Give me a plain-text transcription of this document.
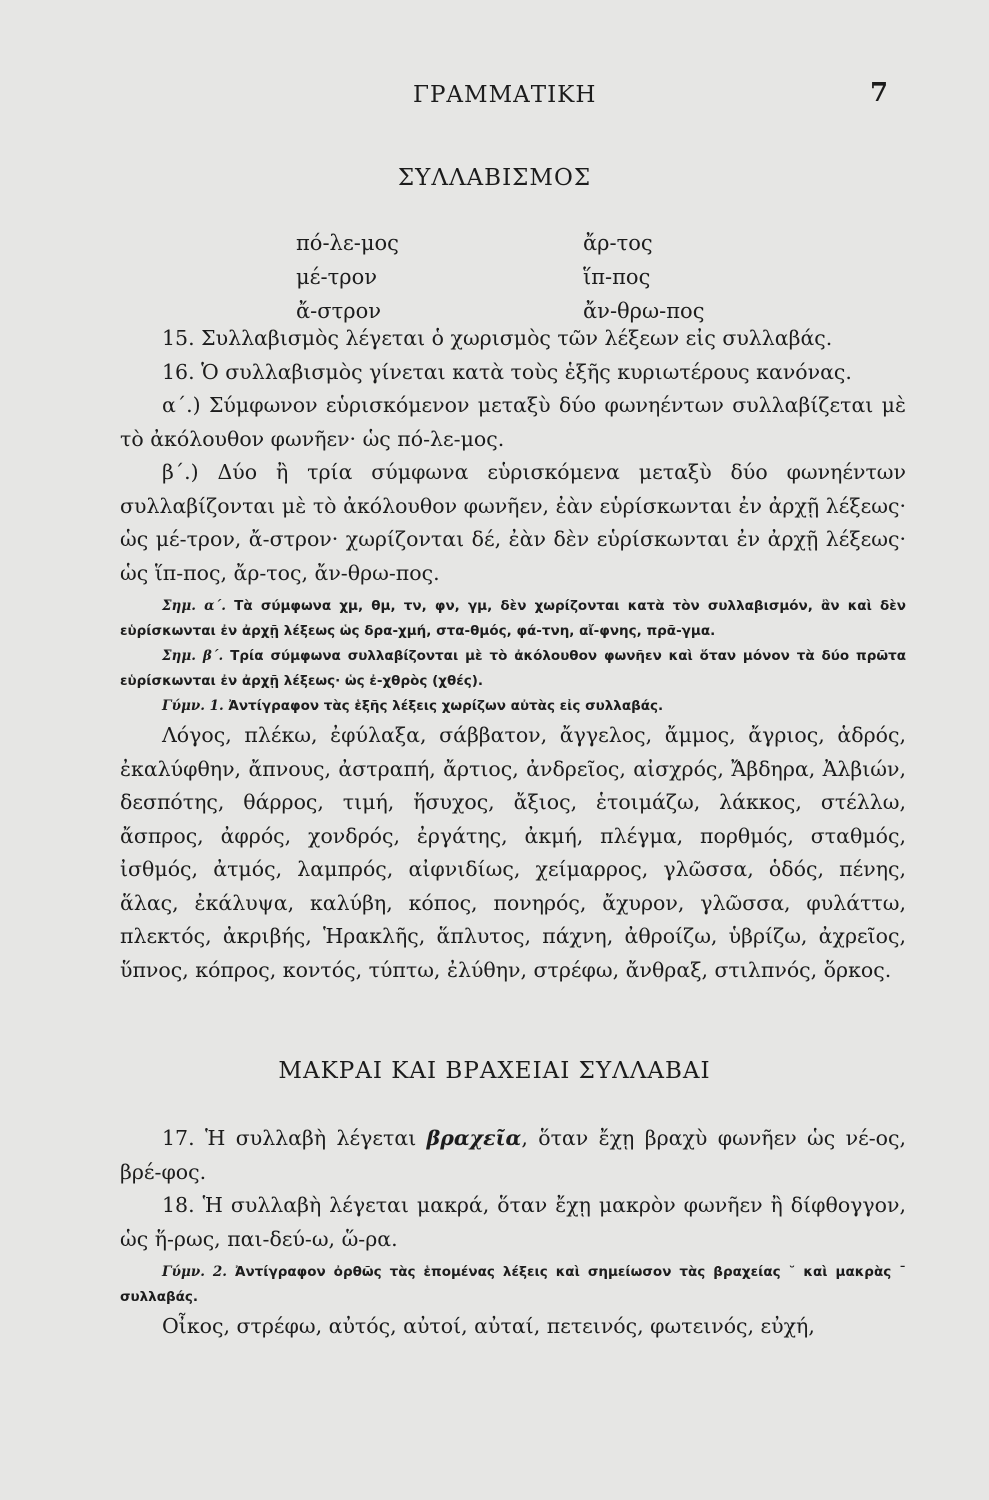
ΓΡΑΜΜΑΤΙΚΗ	7
ΣΥΛΛΑΒΙΣΜΟΣ
πό-λε-μος	ἄρ-τος
μέ-τρον	ἵπ-πος
ἄ-στρον	ἄν-θρω-πος

15. Συλλαβισμὸς λέγεται ὁ χωρισμὸς τῶν λέξεων εἰς συλλαβάς.

16. Ὁ συλλαβισμὸς γίνεται κατὰ τοὺς ἑξῆς κυριωτέρους κανόνας.

α΄.) Σύμφωνον εὑρισκόμενον μεταξὺ δύο φωνηέντων συλλαβίζεται μὲ τὸ ἀκόλουθον φωνῆεν· ὡς πό-λε-μος.

β΄.) Δύο ἢ τρία σύμφωνα εὑρισκόμενα μεταξὺ δύο φωνηέντων συλλαβίζονται μὲ τὸ ἀκόλουθον φωνῆεν, ἐὰν εὑρίσκωνται ἐν ἀρχῇ λέξεως· ὡς μέ-τρον, ἄ-στρον· χωρίζονται δέ, ἐὰν δὲν εὑρίσκωνται ἐν ἀρχῇ λέξεως· ὡς ἵπ-πος, ἄρ-τος, ἄν-θρω-πος.

Σημ. α΄. Τὰ σύμφωνα χμ, θμ, τν, φν, γμ, δὲν χωρίζονται κατὰ τὸν συλλαβισμόν, ἂν καὶ δὲν εὑρίσκωνται ἐν ἀρχῇ λέξεως ὡς δρα-χμή, στα-θμός, φά-τνη, αἴ-φνης, πρᾶ-γμα.

Σημ. β΄. Τρία σύμφωνα συλλαβίζονται μὲ τὸ ἀκόλουθον φωνῆεν καὶ ὅταν μόνον τὰ δύο πρῶτα εὑρίσκωνται ἐν ἀρχῇ λέξεως· ὡς ἐ-χθρὸς (χθές).

Γύμν. 1. Ἀντίγραφον τὰς ἑξῆς λέξεις χωρίζων αὐτὰς εἰς συλλαβάς.

Λόγος, πλέκω, ἐφύλαξα, σάββατον, ἄγγελος, ἄμμος, ἄγριος, ἁδρός, ἐκαλύφθην, ἄπνους, ἀστραπή, ἄρτιος, ἀνδρεῖος, αἰσχρός, Ἄβδηρα, Ἀλβιών, δεσπότης, θάρρος, τιμή, ἥσυχος, ἄξιος, ἑτοιμάζω, λάκκος, στέλλω, ἄσπρος, ἀφρός, χονδρός, ἐργάτης, ἀκμή, πλέγμα, πορθμός, σταθμός, ἰσθμός, ἀτμός, λαμπρός, αἰφνιδίως, χείμαρρος, γλῶσσα, ὁδός, πένης, ἅλας, ἐκάλυψα, καλύβη, κόπος, πονηρός, ἄχυρον, γλῶσσα, φυλάττω, πλεκτός, ἀκριβής, Ἡρακλῆς, ἅπλυτος, πάχνη, ἀθροίζω, ὑβρίζω, ἀχρεῖος, ὕπνος, κόπρος, κοντός, τύπτω, ἐλύθην, στρέφω, ἄνθραξ, στιλπνός, ὅρκος.

ΜΑΚΡΑΙ ΚΑΙ ΒΡΑΧΕΙΑΙ ΣΥΛΛΑΒΑΙ

17. Ἡ συλλαβὴ λέγεται βραχεῖα, ὅταν ἔχῃ βραχὺ φωνῆεν ὡς νέ-ος, βρέ-φος.

18. Ἡ συλλαβὴ λέγεται μακρά, ὅταν ἔχῃ μακρὸν φωνῆεν ἢ δίφθογγον, ὡς ἥ-ρως, παι-δεύ-ω, ὥ-ρα.

Γύμν. 2. Ἀντίγραφον ὀρθῶς τὰς ἑπομένας λέξεις καὶ σημείωσον τὰς βραχείας ˘ καὶ μακρὰς ¯ συλλαβάς.

Οἶκος, στρέφω, αὐτός, αὐτοί, αὐταί, πετεινός, φωτεινός, εὐχή,
